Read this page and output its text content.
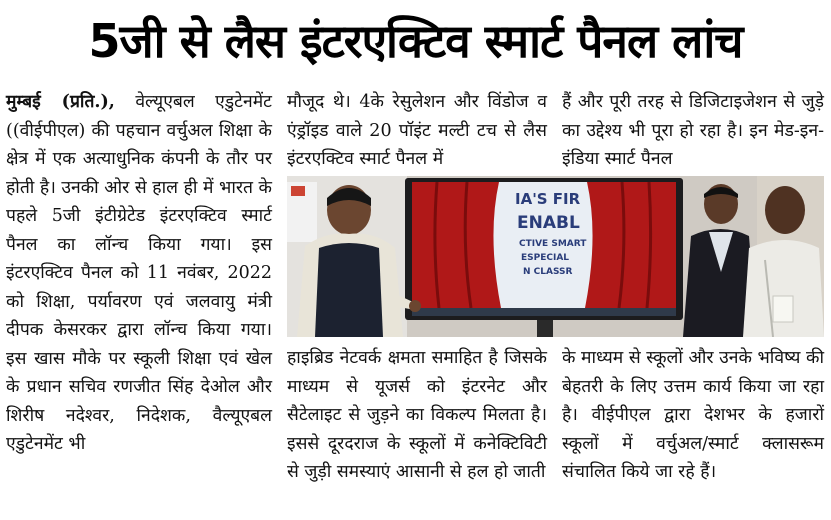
5जी से लैस इंटरएक्टिव स्मार्ट पैनल लांच

मुम्बई (प्रति.), वेल्यूएबल एडुटेनमेंट ((वीईपीएल) की पहचान वर्चुअल शिक्षा के क्षेत्र में एक अत्याधुनिक कंपनी के तौर पर होती है। उनकी ओर से हाल ही में भारत के पहले 5जी इंटीग्रेटेड इंटरएक्टिव स्मार्ट पैनल का लॉन्च किया गया। इस इंटरएक्टिव पैनल को 11 नवंबर, 2022 को शिक्षा, पर्यावरण एवं जलवायु मंत्री दीपक केसरकर द्वारा लॉन्च किया गया। इस खास मौके पर स्कूली शिक्षा एवं खेल के प्रधान सचिव रणजीत सिंह देओल और शिरीष नदेश्वर, निदेशक, वैल्यूएबल एडुटेनमेंट भी

मौजूद थे। 4के रेसुलेशन और विंडोज व एंड्रॉइड वाले 20 पॉइंट मल्टी टच से लैस इंटरएक्टिव स्मार्ट पैनल में

हैं और पूरी तरह से डिजिटाइजेशन से जुड़े का उद्देश्य भी पूरा हो रहा है। इन मेड-इन-इंडिया स्मार्ट पैनल

IA'S FIR
ENABL
CTIVE SMART
ESPECIAL
N CLASSR

हाइब्रिड नेटवर्क क्षमता समाहित है जिसके माध्यम से यूजर्स को इंटरनेट और सैटेलाइट से जुड़ने का विकल्प मिलता है। इससे दूरदराज के स्कूलों में कनेक्टिविटी से जुड़ी समस्याएं आसानी से हल हो जाती

के माध्यम से स्कूलों और उनके भविष्य की बेहतरी के लिए उत्तम कार्य किया जा रहा है। वीईपीएल द्वारा देशभर के हजारों स्कूलों में वर्चुअल/स्मार्ट क्लासरूम संचालित किये जा रहे हैं।
